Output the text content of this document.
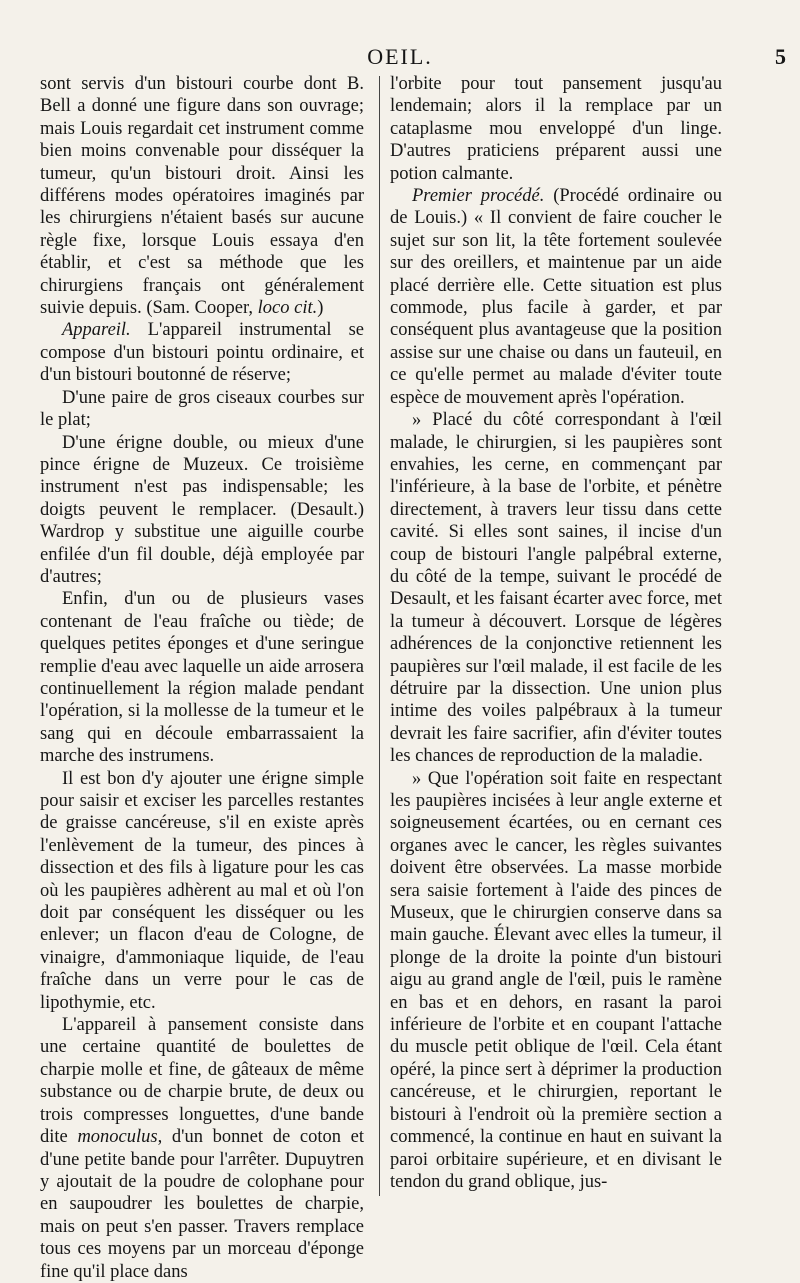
OEIL.	5

sont servis d'un bistouri courbe dont B. Bell a donné une figure dans son ouvrage; mais Louis regardait cet instrument comme bien moins convenable pour disséquer la tumeur, qu'un bistouri droit. Ainsi les différens modes opératoires imaginés par les chirurgiens n'étaient basés sur aucune règle fixe, lorsque Louis essaya d'en établir, et c'est sa méthode que les chirurgiens français ont généralement suivie depuis. (Sam. Cooper, loco cit.)

Appareil. L'appareil instrumental se compose d'un bistouri pointu ordinaire, et d'un bistouri boutonné de réserve;

D'une paire de gros ciseaux courbes sur le plat;

D'une érigne double, ou mieux d'une pince érigne de Muzeux. Ce troisième instrument n'est pas indispensable; les doigts peuvent le remplacer. (Desault.) Wardrop y substitue une aiguille courbe enfilée d'un fil double, déjà employée par d'autres;

Enfin, d'un ou de plusieurs vases contenant de l'eau fraîche ou tiède; de quelques petites éponges et d'une seringue remplie d'eau avec laquelle un aide arrosera continuellement la région malade pendant l'opération, si la mollesse de la tumeur et le sang qui en découle embarrassaient la marche des instrumens.

Il est bon d'y ajouter une érigne simple pour saisir et exciser les parcelles restantes de graisse cancéreuse, s'il en existe après l'enlèvement de la tumeur, des pinces à dissection et des fils à ligature pour les cas où les paupières adhèrent au mal et où l'on doit par conséquent les disséquer ou les enlever; un flacon d'eau de Cologne, de vinaigre, d'ammoniaque liquide, de l'eau fraîche dans un verre pour le cas de lipothymie, etc.

L'appareil à pansement consiste dans une certaine quantité de boulettes de charpie molle et fine, de gâteaux de même substance ou de charpie brute, de deux ou trois compresses longuettes, d'une bande dite monoculus, d'un bonnet de coton et d'une petite bande pour l'arrêter. Dupuytren y ajoutait de la poudre de colophane pour en saupoudrer les boulettes de charpie, mais on peut s'en passer. Travers remplace tous ces moyens par un morceau d'éponge fine qu'il place dans

l'orbite pour tout pansement jusqu'au lendemain; alors il la remplace par un cataplasme mou enveloppé d'un linge. D'autres praticiens préparent aussi une potion calmante.

Premier procédé. (Procédé ordinaire ou de Louis.) « Il convient de faire coucher le sujet sur son lit, la tête fortement soulevée sur des oreillers, et maintenue par un aide placé derrière elle. Cette situation est plus commode, plus facile à garder, et par conséquent plus avantageuse que la position assise sur une chaise ou dans un fauteuil, en ce qu'elle permet au malade d'éviter toute espèce de mouvement après l'opération.

» Placé du côté correspondant à l'œil malade, le chirurgien, si les paupières sont envahies, les cerne, en commençant par l'inférieure, à la base de l'orbite, et pénètre directement, à travers leur tissu dans cette cavité. Si elles sont saines, il incise d'un coup de bistouri l'angle palpébral externe, du côté de la tempe, suivant le procédé de Desault, et les faisant écarter avec force, met la tumeur à découvert. Lorsque de légères adhérences de la conjonctive retiennent les paupières sur l'œil malade, il est facile de les détruire par la dissection. Une union plus intime des voiles palpébraux à la tumeur devrait les faire sacrifier, afin d'éviter toutes les chances de reproduction de la maladie.

» Que l'opération soit faite en respectant les paupières incisées à leur angle externe et soigneusement écartées, ou en cernant ces organes avec le cancer, les règles suivantes doivent être observées. La masse morbide sera saisie fortement à l'aide des pinces de Museux, que le chirurgien conserve dans sa main gauche. Élevant avec elles la tumeur, il plonge de la droite la pointe d'un bistouri aigu au grand angle de l'œil, puis le ramène en bas et en dehors, en rasant la paroi inférieure de l'orbite et en coupant l'attache du muscle petit oblique de l'œil. Cela étant opéré, la pince sert à déprimer la production cancéreuse, et le chirurgien, reportant le bistouri à l'endroit où la première section a commencé, la continue en haut en suivant la paroi orbitaire supérieure, et en divisant le tendon du grand oblique, jus-
